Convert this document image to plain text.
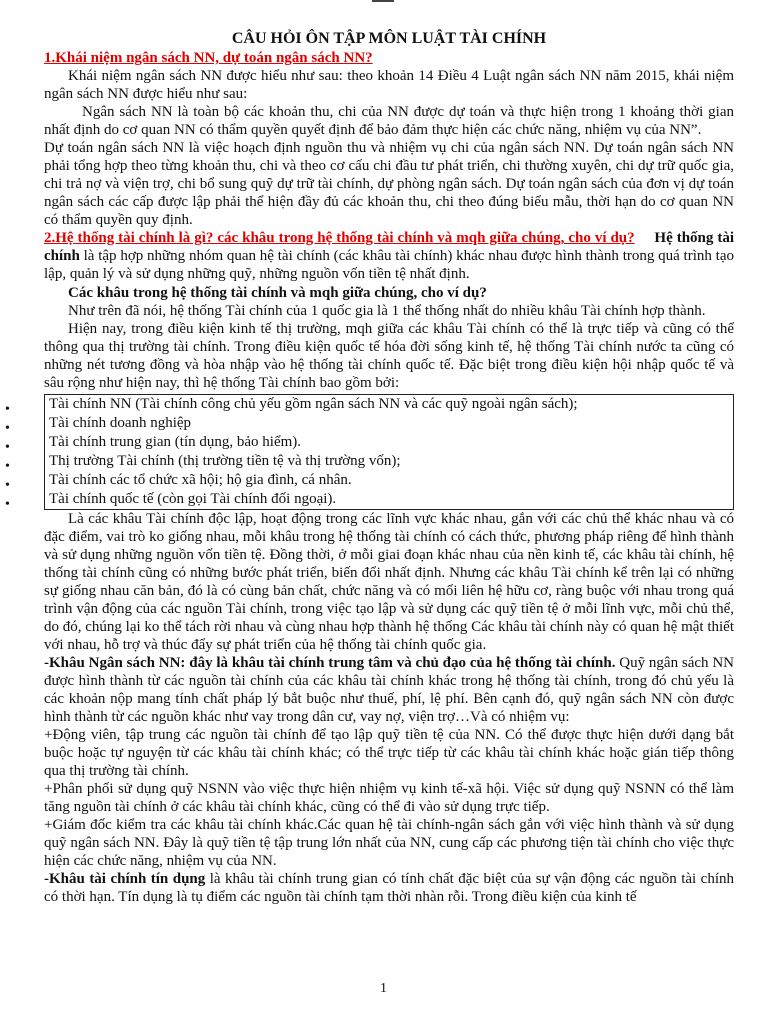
CÂU HỎI ÔN TẬP MÔN LUẬT TÀI CHÍNH

1.Khái niệm ngân sách NN, dự toán ngân sách NN?

Khái niệm ngân sách NN được hiểu như sau: theo khoản 14 Điều 4 Luật ngân sách NN năm 2015, khái niệm ngân sách NN được hiểu như sau:

Ngân sách NN là toàn bộ các khoản thu, chi của NN được dự toán và thực hiện trong 1 khoảng thời gian nhất định do cơ quan NN có thẩm quyền quyết định để bảo đảm thực hiện các chức năng, nhiệm vụ của NN”.

Dự toán ngân sách NN là việc hoạch định nguồn thu và nhiệm vụ chi của ngân sách NN. Dự toán ngân sách NN phải tổng hợp theo từng khoản thu, chi và theo cơ cấu chi đầu tư phát triển, chi thường xuyên, chi dự trữ quốc gia, chi trả nợ và viện trợ, chi bổ sung quỹ dự trữ tài chính, dự phòng ngân sách. Dự toán ngân sách của đơn vị dự toán ngân sách các cấp được lập phải thể hiện đầy đủ các khoản thu, chi theo đúng biểu mẫu, thời hạn do cơ quan NN có thẩm quyền quy định.

2.Hệ thống tài chính là gì? các khâu trong hệ thống tài chính và mqh giữa chúng, cho ví dụ? Hệ thống tài chính là tập hợp những nhóm quan hệ tài chính (các khâu tài chính) khác nhau được hình thành trong quá trình tạo lập, quản lý và sử dụng những quỹ, những nguồn vốn tiền tệ nhất định.

Các khâu trong hệ thống tài chính và mqh giữa chúng, cho ví dụ?

Như trên đã nói, hệ thống Tài chính của 1 quốc gia là 1 thể thống nhất do nhiều khâu Tài chính hợp thành.

Hiện nay, trong điều kiện kinh tế thị trường, mqh giữa các khâu Tài chính có thể là trực tiếp và cũng có thể thông qua thị trường tài chính. Trong điều kiện quốc tế hóa đời sống kinh tế, hệ thống Tài chính nước ta cũng có những nét tương đồng và hòa nhập vào hệ thống tài chính quốc tế. Đặc biệt trong điều kiện hội nhập quốc tế và sâu rộng như hiện nay, thì hệ thống Tài chính bao gồm bởi:

•	Tài chính NN (Tài chính công chủ yếu gồm ngân sách NN và các quỹ ngoài ngân sách);
•	Tài chính doanh nghiệp
•	Tài chính trung gian (tín dụng, bảo hiểm).
•	Thị trường Tài chính (thị trường tiền tệ và thị trường vốn);
•	Tài chính các tổ chức xã hội; hộ gia đình, cá nhân.
•	Tài chính quốc tế (còn gọi Tài chính đối ngoại).

Là các khâu Tài chính độc lập, hoạt động trong các lĩnh vực khác nhau, gắn với các chủ thể khác nhau và có đặc điểm, vai trò ko giống nhau, mỗi khâu trong hệ thống tài chính có cách thức, phương pháp riêng để hình thành và sử dụng những nguồn vốn tiền tệ. Đồng thời, ở mỗi giai đoạn khác nhau của nền kinh tế, các khâu tài chính, hệ thống tài chính cũng có những bước phát triển, biến đổi nhất định. Nhưng các khâu Tài chính kể trên lại có những sự giống nhau căn bản, đó là có cùng bản chất, chức năng và có mối liên hệ hữu cơ, ràng buộc với nhau trong quá trình vận động của các nguồn Tài chính, trong việc tạo lập và sử dụng các quỹ tiền tệ ở mỗi lĩnh vực, mỗi chủ thể, do đó, chúng lại ko thể tách rời nhau và cùng nhau hợp thành hệ thống Các khâu tài chính này có quan hệ mật thiết với nhau, hỗ trợ và thúc đẩy sự phát triển của hệ thống tài chính quốc gia.

-Khâu Ngân sách NN: đây là khâu tài chính trung tâm và chủ đạo của hệ thống tài chính. Quỹ ngân sách NN được hình thành từ các nguồn tài chính của các khâu tài chính khác trong hệ thống tài chính, trong đó chủ yếu là các khoản nộp mang tính chất pháp lý bắt buộc như thuế, phí, lệ phí. Bên cạnh đó, quỹ ngân sách NN còn được hình thành từ các nguồn khác như vay trong dân cư, vay nợ, viện trợ…Và có nhiệm vụ:

+Động viên, tập trung các nguồn tài chính để tạo lập quỹ tiền tệ của NN. Có thể được thực hiện dưới dạng bắt buộc hoặc tự nguyện từ các khâu tài chính khác; có thể trực tiếp từ các khâu tài chính khác hoặc gián tiếp thông qua thị trường tài chính.

+Phân phối sử dụng quỹ NSNN vào việc thực hiện nhiệm vụ kinh tế-xã hội. Việc sử dụng quỹ NSNN có thể làm tăng nguồn tài chính ở các khâu tài chính khác, cũng có thể đi vào sử dụng trực tiếp.

+Giám đốc kiểm tra các khâu tài chính khác.Các quan hệ tài chính-ngân sách gắn với việc hình thành và sử dụng quỹ ngân sách NN. Đây là quỹ tiền tệ tập trung lớn nhất của NN, cung cấp các phương tiện tài chính cho việc thực hiện các chức năng, nhiệm vụ của NN.

-Khâu tài chính tín dụng là khâu tài chính trung gian có tính chất đặc biệt của sự vận động các nguồn tài chính có thời hạn. Tín dụng là tụ điểm các nguồn tài chính tạm thời nhàn rỗi. Trong điều kiện của kinh tế

1
